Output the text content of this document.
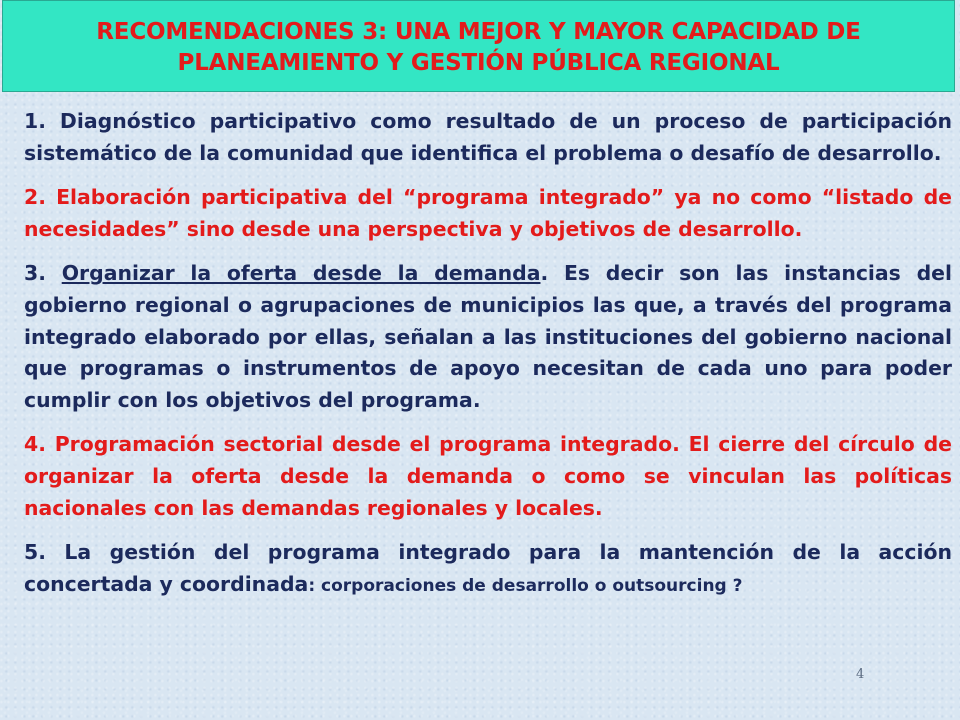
RECOMENDACIONES 3: UNA MEJOR Y MAYOR CAPACIDAD DE
PLANEAMIENTO Y GESTIÓN PÚBLICA REGIONAL

1. Diagnóstico participativo como resultado de un proceso de participación sistemático de la comunidad que identifica el problema o desafío de desarrollo.

2. Elaboración participativa del “programa integrado” ya no como “listado de necesidades” sino desde una perspectiva y objetivos de desarrollo.

3. Organizar la oferta desde la demanda. Es decir son las instancias del gobierno regional o agrupaciones de municipios las que, a través del programa integrado elaborado por ellas, señalan a las instituciones del gobierno nacional que programas o instrumentos de apoyo necesitan de cada uno para poder cumplir con los objetivos del programa.

4. Programación sectorial desde el programa integrado. El cierre del círculo de organizar la oferta desde la demanda o como se vinculan las políticas nacionales con las demandas regionales y locales.

5. La gestión del programa integrado para la mantención de la acción concertada y coordinada: corporaciones de desarrollo o outsourcing ?

4
